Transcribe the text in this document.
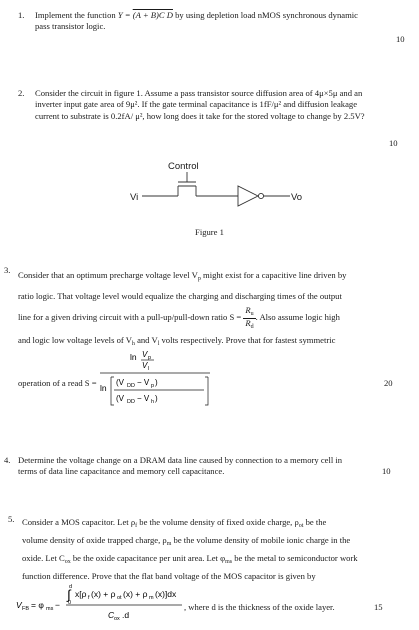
1. Implement the function Y = (A + B)C D by using depletion load nMOS synchronous dynamic
pass transistor logic.
10
2. Consider the circuit in figure 1. Assume a pass transistor source diffusion area of 4μ×5μ and an
inverter input gate area of 9μ². If the gate terminal capacitance is 1fF/μ² and diffusion leakage
current to substrate is 0.2fA/ μ², how long does it take for the stored voltage to change by 2.5V?
10
Control
Vi	Vo
Figure 1
3. Consider that an optimum precharge voltage level $V_p$ might exist for a capacitive line driven by
ratio logic. That voltage level would equalize the charging and discharging times of the output
line for a given driving circuit with a pull-up/pull-down ratio $S = \frac{R_u}{R_d}$ . Also assume logic high
and logic low voltage levels of $V_h$ and $V_l$ volts respectively. Prove that for fastest symmetric
operation of a read S =
ln V p
V l
ln
(V DD − V p )
(V DD − V h )
20
4. Determine the voltage change on a DRAM data line caused by connection to a memory cell in
terms of data line capacitance and memory cell capacitance.	10
5. Consider a MOS capacitor. Let $\rho_f$ be the volume density of fixed oxide charge, $\rho_{ot}$ be the
volume density of oxide trapped charge, $\rho_m$ be the volume density of mobile ionic charge in the
oxide. Let $C_{ox}$ be the oxide capacitance per unit area. Let $\varphi_{ms}$ be the metal to semiconductor work
function difference. Prove that the flat band voltage of the MOS capacitor is given by
V FB = φ ms −
d
∫
0
x[ρ f (x) + ρ ot (x) + ρ m (x)]dx
C ox .d
, where d is the thickness of the oxide layer.	15
